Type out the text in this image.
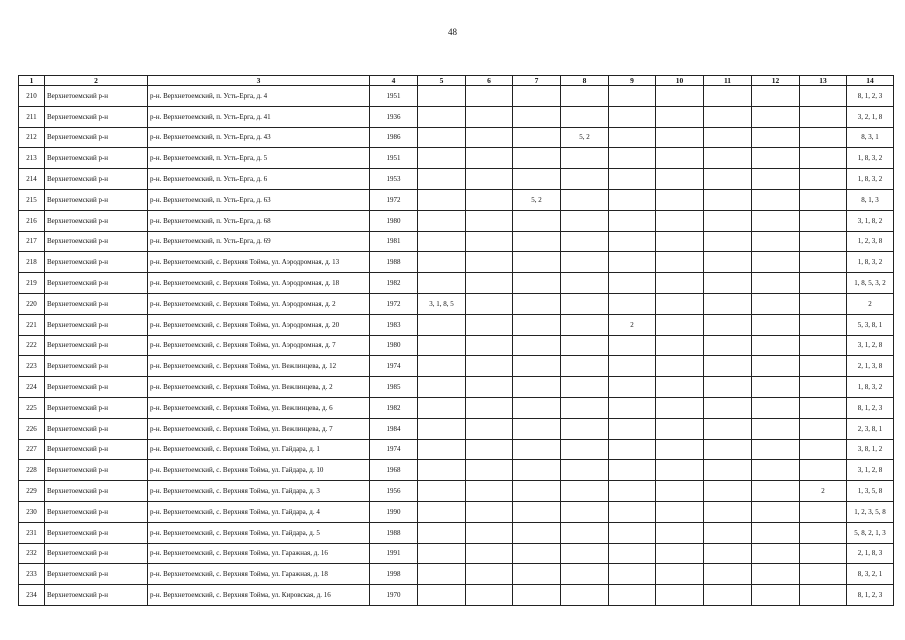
48
1	2	3	4	5	6	7	8	9	10	11	12	13	14
210	Верхнетоемский р-н	р-н. Верхнетоемский, п. Усть-Ерга, д. 4	1951										8, 1, 2, 3
211	Верхнетоемский р-н	р-н. Верхнетоемский, п. Усть-Ерга, д. 41	1936										3, 2, 1, 8
212	Верхнетоемский р-н	р-н. Верхнетоемский, п. Усть-Ерга, д. 43	1986				5, 2						8, 3, 1
213	Верхнетоемский р-н	р-н. Верхнетоемский, п. Усть-Ерга, д. 5	1951										1, 8, 3, 2
214	Верхнетоемский р-н	р-н. Верхнетоемский, п. Усть-Ерга, д. 6	1953										1, 8, 3, 2
215	Верхнетоемский р-н	р-н. Верхнетоемский, п. Усть-Ерга, д. 63	1972			5, 2							8, 1, 3
216	Верхнетоемский р-н	р-н. Верхнетоемский, п. Усть-Ерга, д. 68	1980										3, 1, 8, 2
217	Верхнетоемский р-н	р-н. Верхнетоемский, п. Усть-Ерга, д. 69	1981										1, 2, 3, 8
218	Верхнетоемский р-н	р-н. Верхнетоемский, с. Верхняя Тойма, ул. Аэродромная, д. 13	1988										1, 8, 3, 2
219	Верхнетоемский р-н	р-н. Верхнетоемский, с. Верхняя Тойма, ул. Аэродромная, д. 18	1982										1, 8, 5, 3, 2
220	Верхнетоемский р-н	р-н. Верхнетоемский, с. Верхняя Тойма, ул. Аэродромная, д. 2	1972	3, 1, 8, 5									2
221	Верхнетоемский р-н	р-н. Верхнетоемский, с. Верхняя Тойма, ул. Аэродромная, д. 20	1983					2					5, 3, 8, 1
222	Верхнетоемский р-н	р-н. Верхнетоемский, с. Верхняя Тойма, ул. Аэродромная, д. 7	1980										3, 1, 2, 8
223	Верхнетоемский р-н	р-н. Верхнетоемский, с. Верхняя Тойма, ул. Вежлинцева, д. 12	1974										2, 1, 3, 8
224	Верхнетоемский р-н	р-н. Верхнетоемский, с. Верхняя Тойма, ул. Вежлинцева, д. 2	1985										1, 8, 3, 2
225	Верхнетоемский р-н	р-н. Верхнетоемский, с. Верхняя Тойма, ул. Вежлинцева, д. 6	1982										8, 1, 2, 3
226	Верхнетоемский р-н	р-н. Верхнетоемский, с. Верхняя Тойма, ул. Вежлинцева, д. 7	1984										2, 3, 8, 1
227	Верхнетоемский р-н	р-н. Верхнетоемский, с. Верхняя Тойма, ул. Гайдара, д. 1	1974										3, 8, 1, 2
228	Верхнетоемский р-н	р-н. Верхнетоемский, с. Верхняя Тойма, ул. Гайдара, д. 10	1968										3, 1, 2, 8
229	Верхнетоемский р-н	р-н. Верхнетоемский, с. Верхняя Тойма, ул. Гайдара, д. 3	1956									2	1, 3, 5, 8
230	Верхнетоемский р-н	р-н. Верхнетоемский, с. Верхняя Тойма, ул. Гайдара, д. 4	1990										1, 2, 3, 5, 8
231	Верхнетоемский р-н	р-н. Верхнетоемский, с. Верхняя Тойма, ул. Гайдара, д. 5	1988										5, 8, 2, 1, 3
232	Верхнетоемский р-н	р-н. Верхнетоемский, с. Верхняя Тойма, ул. Гаражная, д. 16	1991										2, 1, 8, 3
233	Верхнетоемский р-н	р-н. Верхнетоемский, с. Верхняя Тойма, ул. Гаражная, д. 18	1998										8, 3, 2, 1
234	Верхнетоемский р-н	р-н. Верхнетоемский, с. Верхняя Тойма, ул. Кировская, д. 16	1970										8, 1, 2, 3
